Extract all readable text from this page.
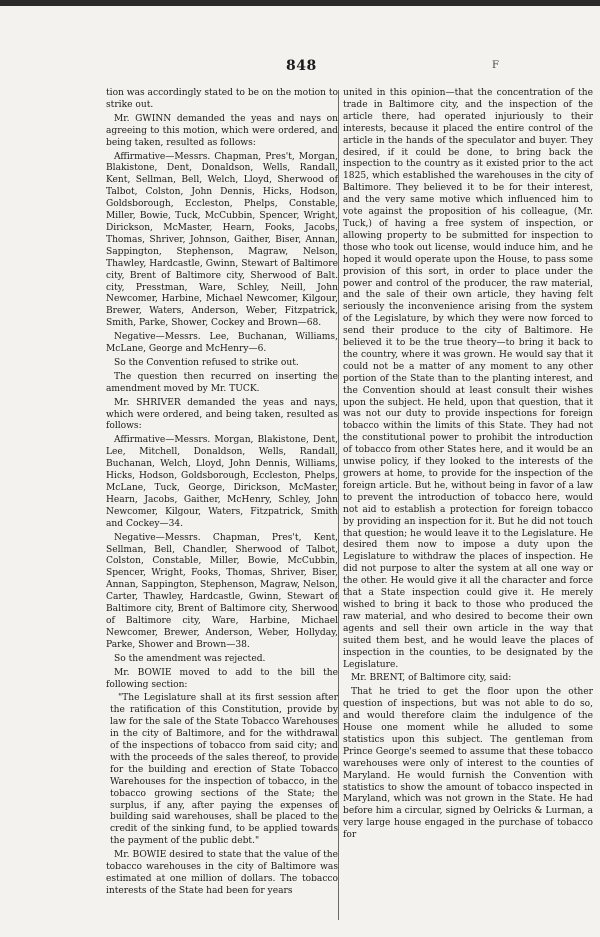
848	F

tion was accordingly stated to be on the motion to strike out.

Mr. GWINN demanded the yeas and nays on agreeing to this motion, which were ordered, and being taken, resulted as follows:

Affirmative—Messrs. Chapman, Pres't, Morgan, Blakistone, Dent, Donaldson, Wells, Randall, Kent, Sellman, Bell, Welch, Lloyd, Sherwood of Talbot, Colston, John Dennis, Hicks, Hodson, Goldsborough, Eccleston, Phelps, Constable, Miller, Bowie, Tuck, McCubbin, Spencer, Wright, Dirickson, McMaster, Hearn, Fooks, Jacobs, Thomas, Shriver, Johnson, Gaither, Biser, Annan, Sappington, Stephenson, Magraw, Nelson, Thawley, Hardcastle, Gwinn, Stewart of Baltimore city, Brent of Baltimore city, Sherwood of Balt. city, Presstman, Ware, Schley, Neill, John Newcomer, Harbine, Michael Newcomer, Kilgour, Brewer, Waters, Anderson, Weber, Fitzpatrick, Smith, Parke, Shower, Cockey and Brown—68.

Negative—Messrs. Lee, Buchanan, Williams, McLane, George and McHenry—6.

So the Convention refused to strike out.

The question then recurred on inserting the amendment moved by Mr. TUCK.

Mr. SHRIVER demanded the yeas and nays, which were ordered, and being taken, resulted as follows:

Affirmative—Messrs. Morgan, Blakistone, Dent, Lee, Mitchell, Donaldson, Wells, Randall, Buchanan, Welch, Lloyd, John Dennis, Williams, Hicks, Hodson, Goldsborough, Eccleston, Phelps, McLane, Tuck, George, Dirickson, McMaster, Hearn, Jacobs, Gaither, McHenry, Schley, John Newcomer, Kilgour, Waters, Fitzpatrick, Smith and Cockey—34.

Negative—Messrs. Chapman, Pres't, Kent, Sellman, Bell, Chandler, Sherwood of Talbot, Colston, Constable, Miller, Bowie, McCubbin, Spencer, Wright, Fooks, Thomas, Shriver, Biser, Annan, Sappington, Stephenson, Magraw, Nelson, Carter, Thawley, Hardcastle, Gwinn, Stewart of Baltimore city, Brent of Baltimore city, Sherwood of Baltimore city, Ware, Harbine, Michael Newcomer, Brewer, Anderson, Weber, Hollyday, Parke, Shower and Brown—38.

So the amendment was rejected.

Mr. BOWIE moved to add to the bill the following section:

"The Legislature shall at its first session after the ratification of this Constitution, provide by law for the sale of the State Tobacco Warehouses in the city of Baltimore, and for the withdrawal of the inspections of tobacco from said city; and with the proceeds of the sales thereof, to provide for the building and erection of State Tobacco Warehouses for the inspection of tobacco, in the tobacco growing sections of the State; the surplus, if any, after paying the expenses of building said warehouses, shall be placed to the credit of the sinking fund, to be applied towards the payment of the public debt."

Mr. BOWIE desired to state that the value of the tobacco warehouses in the city of Baltimore was estimated at one million of dollars. The tobacco interests of the State had been for years

united in this opinion—that the concentration of the trade in Baltimore city, and the inspection of the article there, had operated injuriously to their interests, because it placed the entire control of the article in the hands of the speculator and buyer. They desired, if it could be done, to bring back the inspection to the country as it existed prior to the act 1825, which established the warehouses in the city of Baltimore. They believed it to be for their interest, and the very same motive which influenced him to vote against the proposition of his colleague, (Mr. Tuck,) of having a free system of inspection, or allowing property to be submitted for inspection to those who took out license, would induce him, and he hoped it would operate upon the House, to pass some provision of this sort, in order to place under the power and control of the producer, the raw material, and the sale of their own article, they having felt seriously the inconvenience arising from the system of the Legislature, by which they were now forced to send their produce to the city of Baltimore. He believed it to be the true theory—to bring it back to the country, where it was grown. He would say that it could not be a matter of any moment to any other portion of the State than to the planting interest, and the Convention should at least consult their wishes upon the subject. He held, upon that question, that it was not our duty to provide inspections for foreign tobacco within the limits of this State. They had not the constitutional power to prohibit the introduction of tobacco from other States here, and it would be an unwise policy, if they looked to the interests of the growers at home, to provide for the inspection of the foreign article. But he, without being in favor of a law to prevent the introduction of tobacco here, would not aid to establish a protection for foreign tobacco by providing an inspection for it. But he did not touch that question; he would leave it to the Legislature. He desired them now to impose a duty upon the Legislature to withdraw the places of inspection. He did not purpose to alter the system at all one way or the other. He would give it all the character and force that a State inspection could give it. He merely wished to bring it back to those who produced the raw material, and who desired to become their own agents and sell their own article in the way that suited them best, and he would leave the places of inspection in the counties, to be designated by the Legislature.

Mr. BRENT, of Baltimore city, said:

That he tried to get the floor upon the other question of inspections, but was not able to do so, and would therefore claim the indulgence of the House one moment while he alluded to some statistics upon this subject. The gentleman from Prince George's seemed to assume that these tobacco warehouses were only of interest to the counties of Maryland. He would furnish the Convention with statistics to show the amount of tobacco inspected in Maryland, which was not grown in the State. He had before him a circular, signed by Oelricks & Lurman, a very large house engaged in the purchase of tobacco for
